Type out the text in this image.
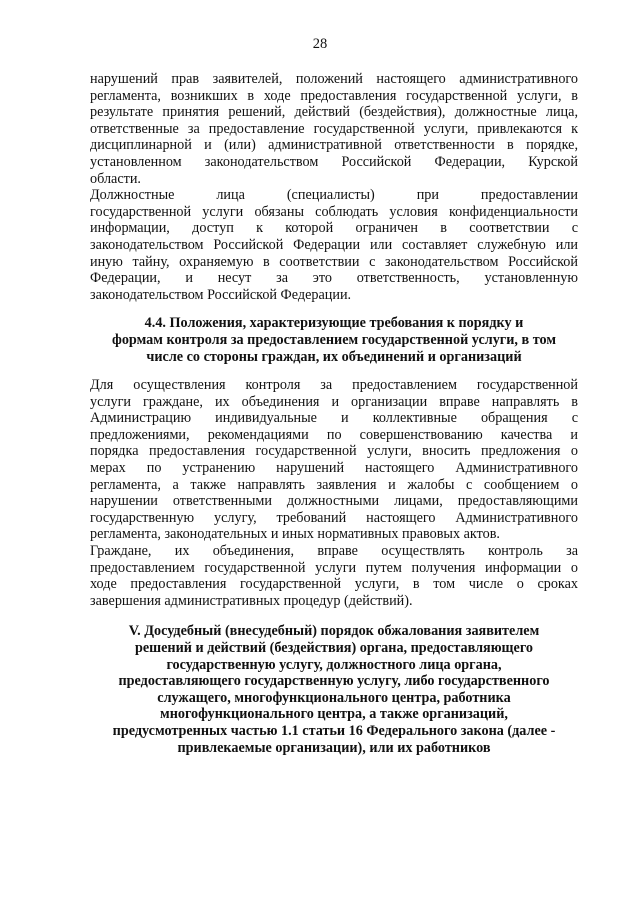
28

нарушений прав заявителей, положений настоящего административного
регламента, возникших в ходе предоставления государственной услуги, в
результате принятия решений, действий (бездействия), должностные лица,
ответственные за предоставление государственной услуги, привлекаются к
дисциплинарной и (или) административной ответственности в порядке,
установленном законодательством Российской Федерации, Курской

области.

Должностные лица (специалисты) при предоставлении
государственной услуги обязаны соблюдать условия конфиденциальности
информации, доступ к которой ограничен в соответствии с
законодательством Российской Федерации или составляет служебную или
иную тайну, охраняемую в соответствии с законодательством Российской
Федерации, и несут за это ответственность, установленную

законодательством Российской Федерации.

4.4. Положения, характеризующие требования к порядку и
формам контроля за предоставлением государственной услуги, в том
числе со стороны граждан, их объединений и организаций

Для осуществления контроля за предоставлением государственной
услуги граждане, их объединения и организации вправе направлять в
Администрацию индивидуальные и коллективные обращения с
предложениями, рекомендациями по совершенствованию качества и
порядка предоставления государственной услуги, вносить предложения о
мерах по устранению нарушений настоящего Административного
регламента, а также направлять заявления и жалобы с сообщением о
нарушении ответственными должностными лицами, предоставляющими
государственную услугу, требований настоящего Административного

регламента, законодательных и иных нормативных правовых актов.

Граждане, их объединения, вправе осуществлять контроль за
предоставлением государственной услуги путем получения информации о
ходе предоставления государственной услуги, в том числе о сроках

завершения административных процедур (действий).

V. Досудебный (внесудебный) порядок обжалования заявителем
решений и действий (бездействия) органа, предоставляющего
государственную услугу, должностного лица органа,
предоставляющего государственную услугу, либо государственного
служащего, многофункционального центра, работника
многофункционального центра, а также организаций,
предусмотренных частью 1.1 статьи 16 Федерального закона (далее -
привлекаемые организации), или их работников
